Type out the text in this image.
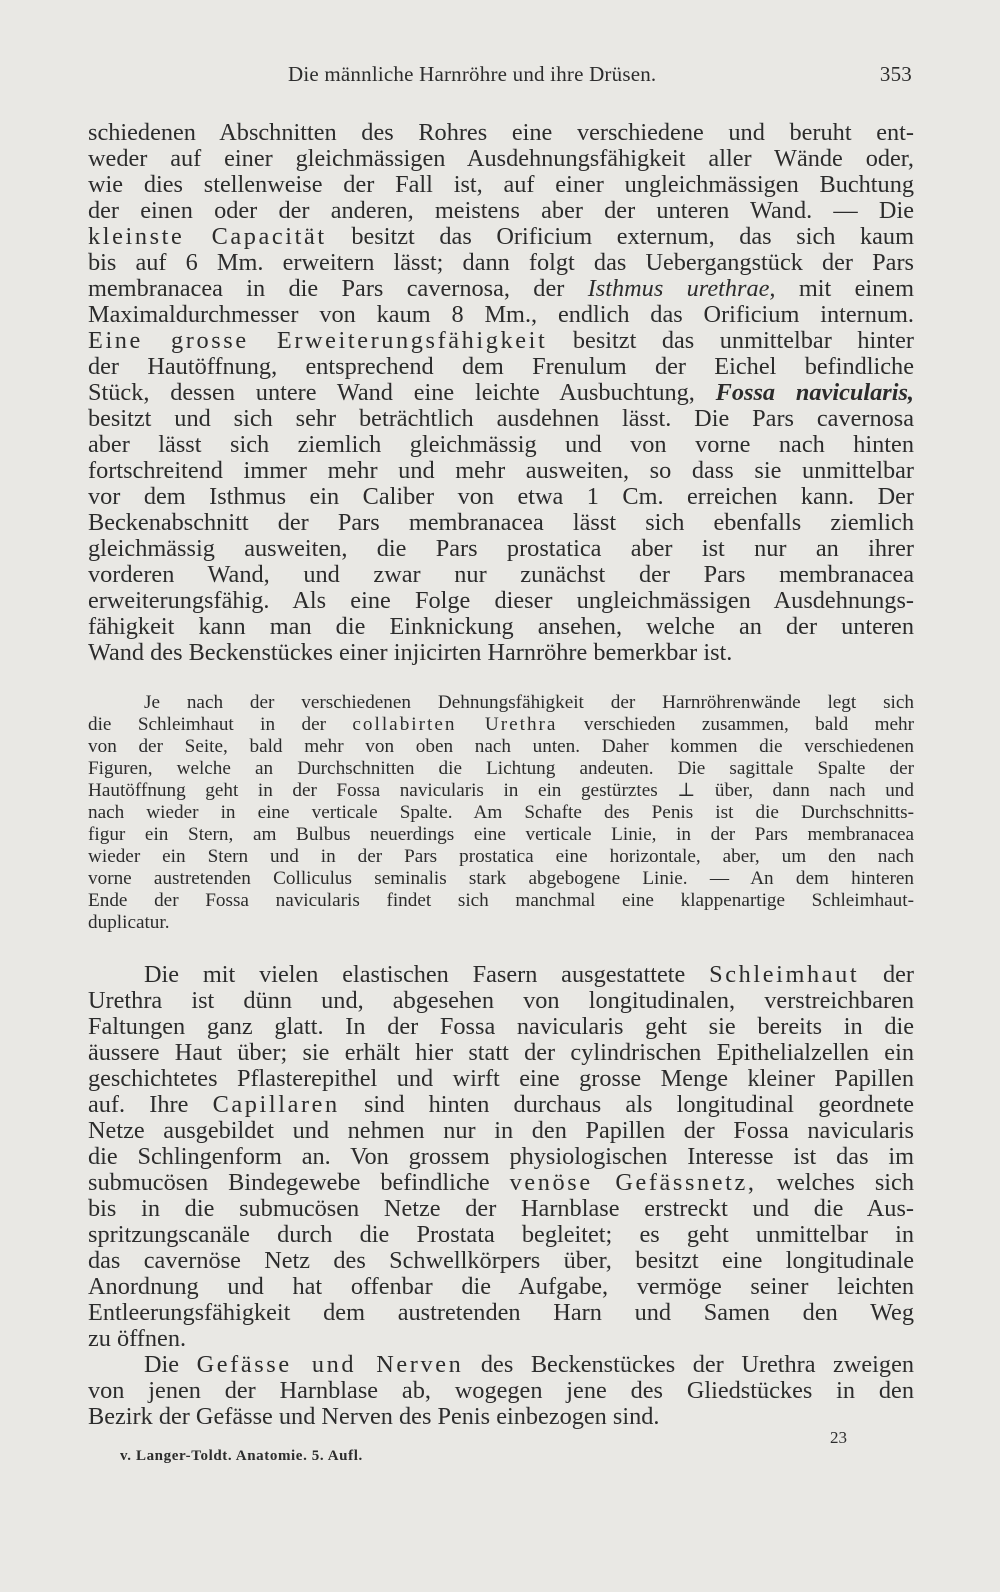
Die männliche Harnröhre und ihre Drüsen.	353
schiedenen Abschnitten des Rohres eine verschiedene und beruht ent-
weder auf einer gleichmässigen Ausdehnungsfähigkeit aller Wände oder,
wie dies stellenweise der Fall ist, auf einer ungleichmässigen Buchtung
der einen oder der anderen, meistens aber der unteren Wand. — Die
kleinste Capacität besitzt das Orificium externum, das sich kaum
bis auf 6 Mm. erweitern lässt; dann folgt das Uebergangstück der Pars
membranacea in die Pars cavernosa, der Isthmus urethrae, mit einem
Maximaldurchmesser von kaum 8 Mm., endlich das Orificium internum.
Eine grosse Erweiterungsfähigkeit besitzt das unmittelbar hinter
der Hautöffnung, entsprechend dem Frenulum der Eichel befindliche
Stück, dessen untere Wand eine leichte Ausbuchtung, Fossa navicularis,
besitzt und sich sehr beträchtlich ausdehnen lässt. Die Pars cavernosa
aber lässt sich ziemlich gleichmässig und von vorne nach hinten
fortschreitend immer mehr und mehr ausweiten, so dass sie unmittelbar
vor dem Isthmus ein Caliber von etwa 1 Cm. erreichen kann. Der
Beckenabschnitt der Pars membranacea lässt sich ebenfalls ziemlich
gleichmässig ausweiten, die Pars prostatica aber ist nur an ihrer
vorderen Wand, und zwar nur zunächst der Pars membranacea
erweiterungsfähig. Als eine Folge dieser ungleichmässigen Ausdehnungs-
fähigkeit kann man die Einknickung ansehen, welche an der unteren
Wand des Beckenstückes einer injicirten Harnröhre bemerkbar ist.
Je nach der verschiedenen Dehnungsfähigkeit der Harnröhrenwände legt sich
die Schleimhaut in der collabirten Urethra verschieden zusammen, bald mehr
von der Seite, bald mehr von oben nach unten. Daher kommen die verschiedenen
Figuren, welche an Durchschnitten die Lichtung andeuten. Die sagittale Spalte der
Hautöffnung geht in der Fossa navicularis in ein gestürztes ⊥ über, dann nach und
nach wieder in eine verticale Spalte. Am Schafte des Penis ist die Durchschnitts-
figur ein Stern, am Bulbus neuerdings eine verticale Linie, in der Pars membranacea
wieder ein Stern und in der Pars prostatica eine horizontale, aber, um den nach
vorne austretenden Colliculus seminalis stark abgebogene Linie. — An dem hinteren
Ende der Fossa navicularis findet sich manchmal eine klappenartige Schleimhaut-
duplicatur.
Die mit vielen elastischen Fasern ausgestattete Schleimhaut der
Urethra ist dünn und, abgesehen von longitudinalen, verstreichbaren
Faltungen ganz glatt. In der Fossa navicularis geht sie bereits in die
äussere Haut über; sie erhält hier statt der cylindrischen Epithelialzellen ein
geschichtetes Pflasterepithel und wirft eine grosse Menge kleiner Papillen
auf. Ihre Capillaren sind hinten durchaus als longitudinal geordnete
Netze ausgebildet und nehmen nur in den Papillen der Fossa navicularis
die Schlingenform an. Von grossem physiologischen Interesse ist das im
submucösen Bindegewebe befindliche venöse Gefässnetz, welches sich
bis in die submucösen Netze der Harnblase erstreckt und die Aus-
spritzungscanäle durch die Prostata begleitet; es geht unmittelbar in
das cavernöse Netz des Schwellkörpers über, besitzt eine longitudinale
Anordnung und hat offenbar die Aufgabe, vermöge seiner leichten
Entleerungsfähigkeit dem austretenden Harn und Samen den Weg
zu öffnen.
Die Gefässe und Nerven des Beckenstückes der Urethra zweigen
von jenen der Harnblase ab, wogegen jene des Gliedstückes in den
Bezirk der Gefässe und Nerven des Penis einbezogen sind.
23
v. Langer-Toldt. Anatomie. 5. Aufl.
